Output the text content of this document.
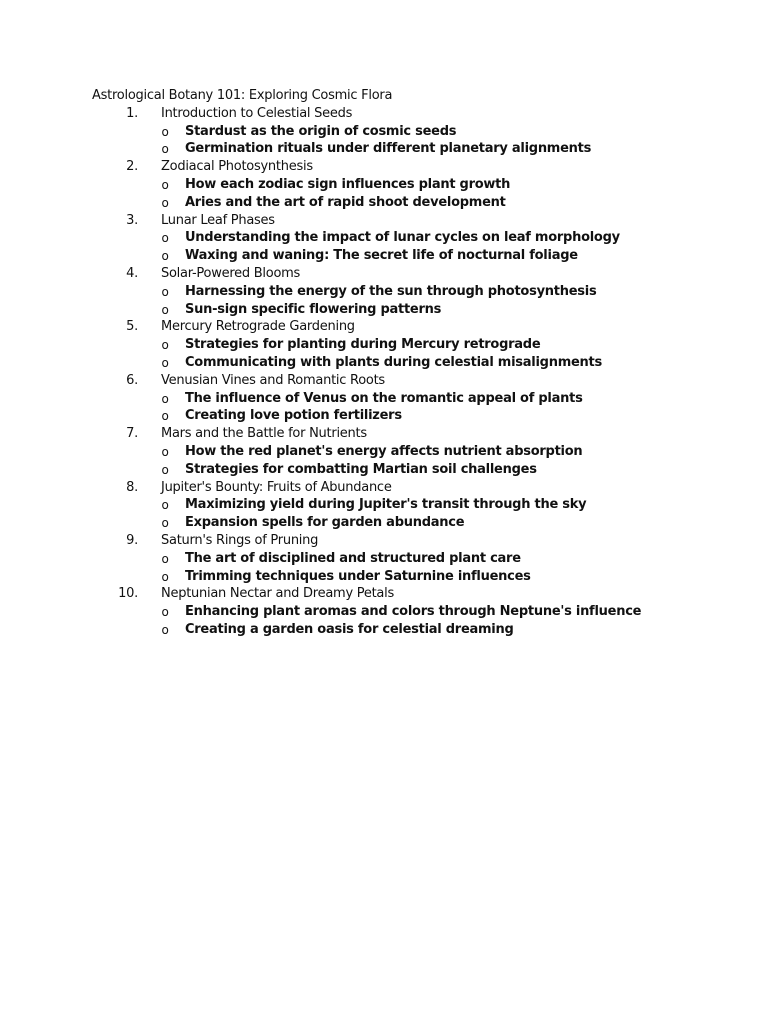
Astrological Botany 101: Exploring Cosmic Flora
1. Introduction to Celestial Seeds
o Stardust as the origin of cosmic seeds
o Germination rituals under different planetary alignments
2. Zodiacal Photosynthesis
o How each zodiac sign influences plant growth
o Aries and the art of rapid shoot development
3. Lunar Leaf Phases
o Understanding the impact of lunar cycles on leaf morphology
o Waxing and waning: The secret life of nocturnal foliage
4. Solar-Powered Blooms
o Harnessing the energy of the sun through photosynthesis
o Sun-sign specific flowering patterns
5. Mercury Retrograde Gardening
o Strategies for planting during Mercury retrograde
o Communicating with plants during celestial misalignments
6. Venusian Vines and Romantic Roots
o The influence of Venus on the romantic appeal of plants
o Creating love potion fertilizers
7. Mars and the Battle for Nutrients
o How the red planet's energy affects nutrient absorption
o Strategies for combatting Martian soil challenges
8. Jupiter's Bounty: Fruits of Abundance
o Maximizing yield during Jupiter's transit through the sky
o Expansion spells for garden abundance
9. Saturn's Rings of Pruning
o The art of disciplined and structured plant care
o Trimming techniques under Saturnine influences
10. Neptunian Nectar and Dreamy Petals
o Enhancing plant aromas and colors through Neptune's influence
o Creating a garden oasis for celestial dreaming
